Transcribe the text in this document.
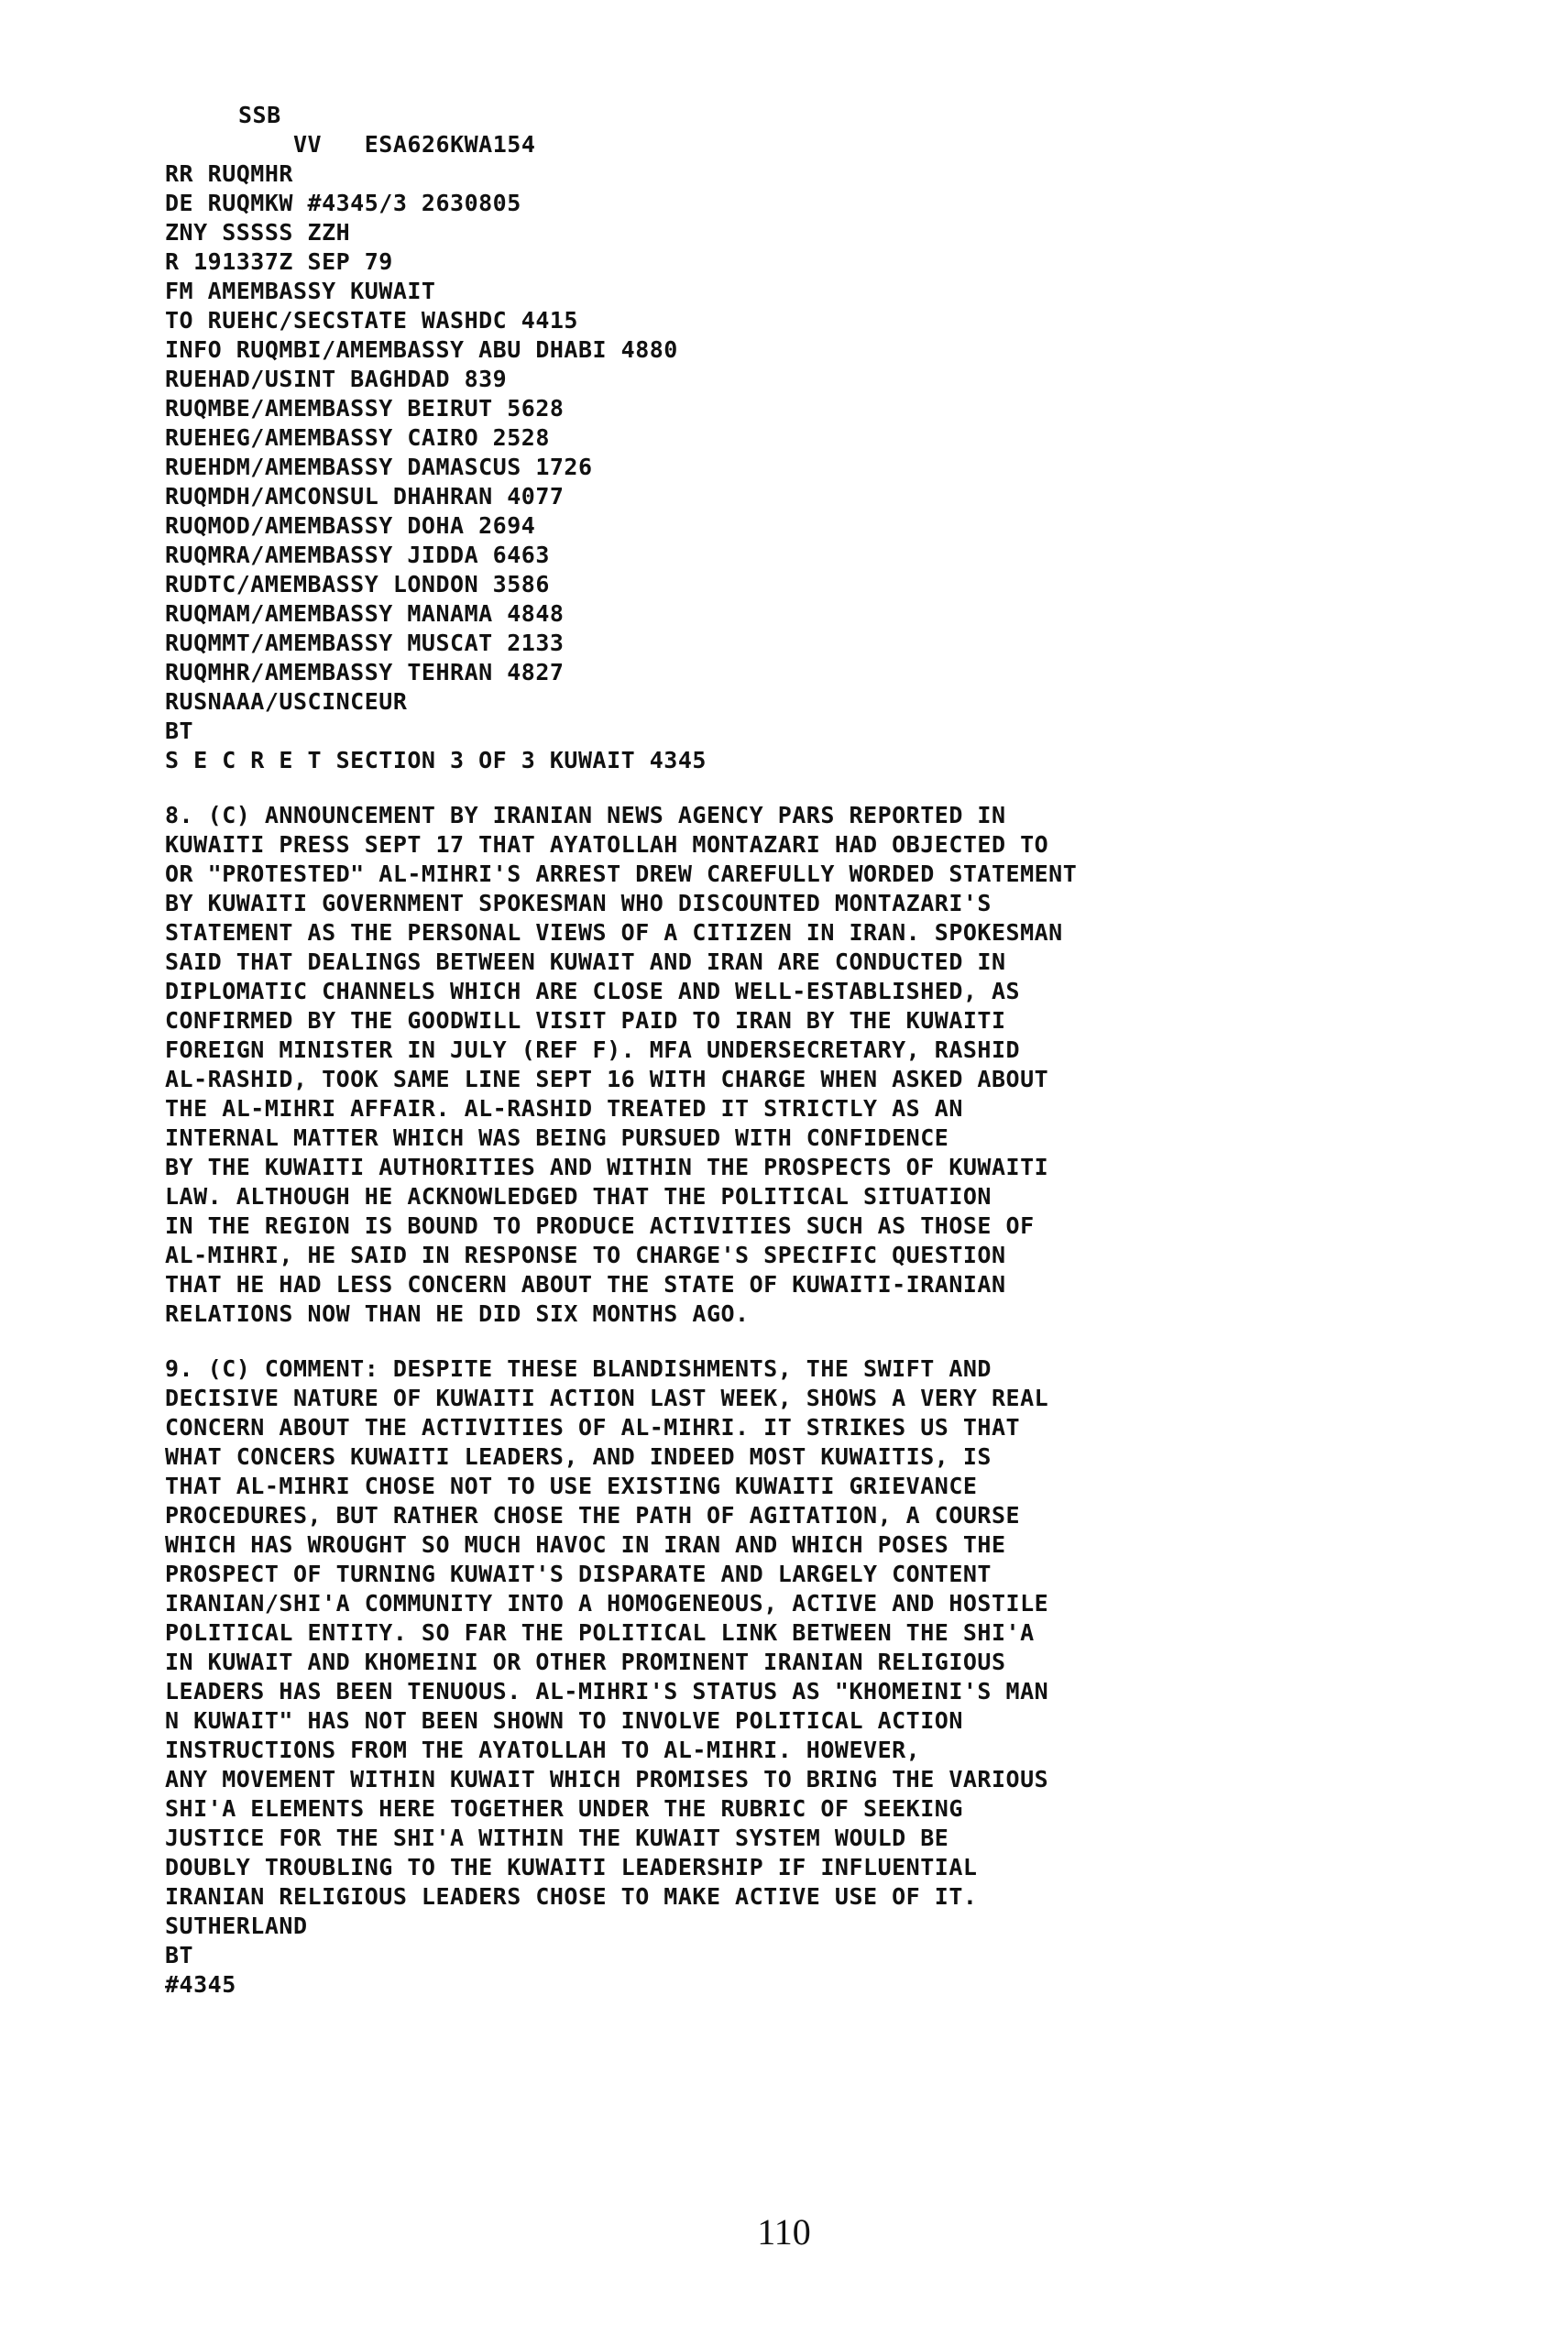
SSB
VV   ESA626KWA154
RR RUQMHR
DE RUQMKW #4345/3 2630805
ZNY SSSSS ZZH
R 191337Z SEP 79
FM AMEMBASSY KUWAIT
TO RUEHC/SECSTATE WASHDC 4415
INFO RUQMBI/AMEMBASSY ABU DHABI 4880
RUEHAD/USINT BAGHDAD 839
RUQMBE/AMEMBASSY BEIRUT 5628
RUEHEG/AMEMBASSY CAIRO 2528
RUEHDM/AMEMBASSY DAMASCUS 1726
RUQMDH/AMCONSUL DHAHRAN 4077
RUQMOD/AMEMBASSY DOHA 2694
RUQMRA/AMEMBASSY JIDDA 6463
RUDTC/AMEMBASSY LONDON 3586
RUQMAM/AMEMBASSY MANAMA 4848
RUQMMT/AMEMBASSY MUSCAT 2133
RUQMHR/AMEMBASSY TEHRAN 4827
RUSNAAA/USCINCEUR
BT
S E C R E T SECTION 3 OF 3 KUWAIT 4345
8. (C) ANNOUNCEMENT BY IRANIAN NEWS AGENCY PARS REPORTED IN
KUWAITI PRESS SEPT 17 THAT AYATOLLAH MONTAZARI HAD OBJECTED TO
OR "PROTESTED" AL-MIHRI'S ARREST DREW CAREFULLY WORDED STATEMENT
BY KUWAITI GOVERNMENT SPOKESMAN WHO DISCOUNTED MONTAZARI'S
STATEMENT AS THE PERSONAL VIEWS OF A CITIZEN IN IRAN. SPOKESMAN
SAID THAT DEALINGS BETWEEN KUWAIT AND IRAN ARE CONDUCTED IN
DIPLOMATIC CHANNELS WHICH ARE CLOSE AND WELL-ESTABLISHED, AS
CONFIRMED BY THE GOODWILL VISIT PAID TO IRAN BY THE KUWAITI
FOREIGN MINISTER IN JULY (REF F). MFA UNDERSECRETARY, RASHID
AL-RASHID, TOOK SAME LINE SEPT 16 WITH CHARGE WHEN ASKED ABOUT
THE AL-MIHRI AFFAIR. AL-RASHID TREATED IT STRICTLY AS AN
INTERNAL MATTER WHICH WAS BEING PURSUED WITH CONFIDENCE
BY THE KUWAITI AUTHORITIES AND WITHIN THE PROSPECTS OF KUWAITI
LAW. ALTHOUGH HE ACKNOWLEDGED THAT THE POLITICAL SITUATION
IN THE REGION IS BOUND TO PRODUCE ACTIVITIES SUCH AS THOSE OF
AL-MIHRI, HE SAID IN RESPONSE TO CHARGE'S SPECIFIC QUESTION
THAT HE HAD LESS CONCERN ABOUT THE STATE OF KUWAITI-IRANIAN
RELATIONS NOW THAN HE DID SIX MONTHS AGO.
9. (C) COMMENT: DESPITE THESE BLANDISHMENTS, THE SWIFT AND
DECISIVE NATURE OF KUWAITI ACTION LAST WEEK, SHOWS A VERY REAL
CONCERN ABOUT THE ACTIVITIES OF AL-MIHRI. IT STRIKES US THAT
WHAT CONCERS KUWAITI LEADERS, AND INDEED MOST KUWAITIS, IS
THAT AL-MIHRI CHOSE NOT TO USE EXISTING KUWAITI GRIEVANCE
PROCEDURES, BUT RATHER CHOSE THE PATH OF AGITATION, A COURSE
WHICH HAS WROUGHT SO MUCH HAVOC IN IRAN AND WHICH POSES THE
PROSPECT OF TURNING KUWAIT'S DISPARATE AND LARGELY CONTENT
IRANIAN/SHI'A COMMUNITY INTO A HOMOGENEOUS, ACTIVE AND HOSTILE
POLITICAL ENTITY. SO FAR THE POLITICAL LINK BETWEEN THE SHI'A
IN KUWAIT AND KHOMEINI OR OTHER PROMINENT IRANIAN RELIGIOUS
LEADERS HAS BEEN TENUOUS. AL-MIHRI'S STATUS AS "KHOMEINI'S MAN
N KUWAIT" HAS NOT BEEN SHOWN TO INVOLVE POLITICAL ACTION
INSTRUCTIONS FROM THE AYATOLLAH TO AL-MIHRI. HOWEVER,
ANY MOVEMENT WITHIN KUWAIT WHICH PROMISES TO BRING THE VARIOUS
SHI'A ELEMENTS HERE TOGETHER UNDER THE RUBRIC OF SEEKING
JUSTICE FOR THE SHI'A WITHIN THE KUWAIT SYSTEM WOULD BE
DOUBLY TROUBLING TO THE KUWAITI LEADERSHIP IF INFLUENTIAL
IRANIAN RELIGIOUS LEADERS CHOSE TO MAKE ACTIVE USE OF IT.
SUTHERLAND
BT
#4345
110
